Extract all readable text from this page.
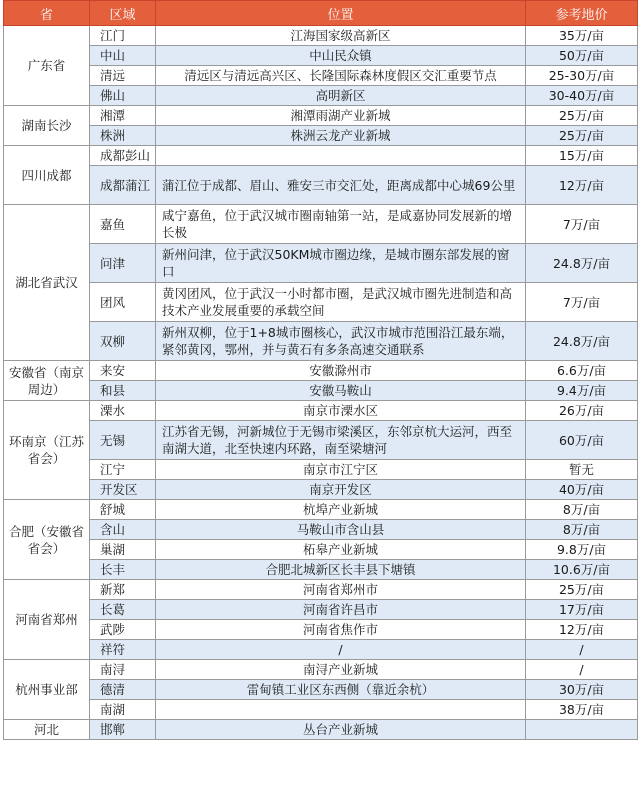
省	区域	位置	参考地价
广东省	江门	江海国家级高新区	35万/亩
	中山	中山民众镇	50万/亩
	清远	清远区与清远高兴区、长隆国际森林度假区交汇重要节点	25-30万/亩
	佛山	高明新区	30-40万/亩
湖南长沙	湘潭	湘潭雨湖产业新城	25万/亩
	株洲	株洲云龙产业新城	25万/亩
四川成都	成都彭山		15万/亩
	成都蒲江	蒲江位于成都、眉山、雅安三市交汇处，距离成都中心城69公里	12万/亩
湖北省武汉	嘉鱼	咸宁嘉鱼，位于武汉城市圈南轴第一站，是咸嘉协同发展新的增长极	7万/亩
	问津	新州问津，位于武汉50KM城市圈边缘，是城市圈东部发展的窗口	24.8万/亩
	团风	黄冈团风，位于武汉一小时都市圈，是武汉城市圈先进制造和高技术产业发展重要的承载空间	7万/亩
	双柳	新州双柳，位于1+8城市圈核心，武汉市城市范围沿江最东端，紧邻黄冈，鄂州，并与黄石有多条高速交通联系	24.8万/亩
安徽省（南京周边）	来安	安徽滁州市	6.6万/亩
	和县	安徽马鞍山	9.4万/亩
环南京（江苏省会）	溧水	南京市溧水区	26万/亩
	无锡	江苏省无锡，河新城位于无锡市梁溪区，东邻京杭大运河，西至南湖大道，北至快速内环路，南至梁塘河	60万/亩
	江宁	南京市江宁区	暂无
	开发区	南京开发区	40万/亩
合肥（安徽省省会）	舒城	杭埠产业新城	8万/亩
	含山	马鞍山市含山县	8万/亩
	巢湖	柘皋产业新城	9.8万/亩
	长丰	合肥北城新区长丰县下塘镇	10.6万/亩
河南省郑州	新郑	河南省郑州市	25万/亩
	长葛	河南省许昌市	17万/亩
	武陟	河南省焦作市	12万/亩
	祥符	/	/
杭州事业部	南浔	南浔产业新城	/
	德清	雷甸镇工业区东西侧（靠近余杭）	30万/亩
	南湖		38万/亩
河北	邯郸	丛台产业新城	
